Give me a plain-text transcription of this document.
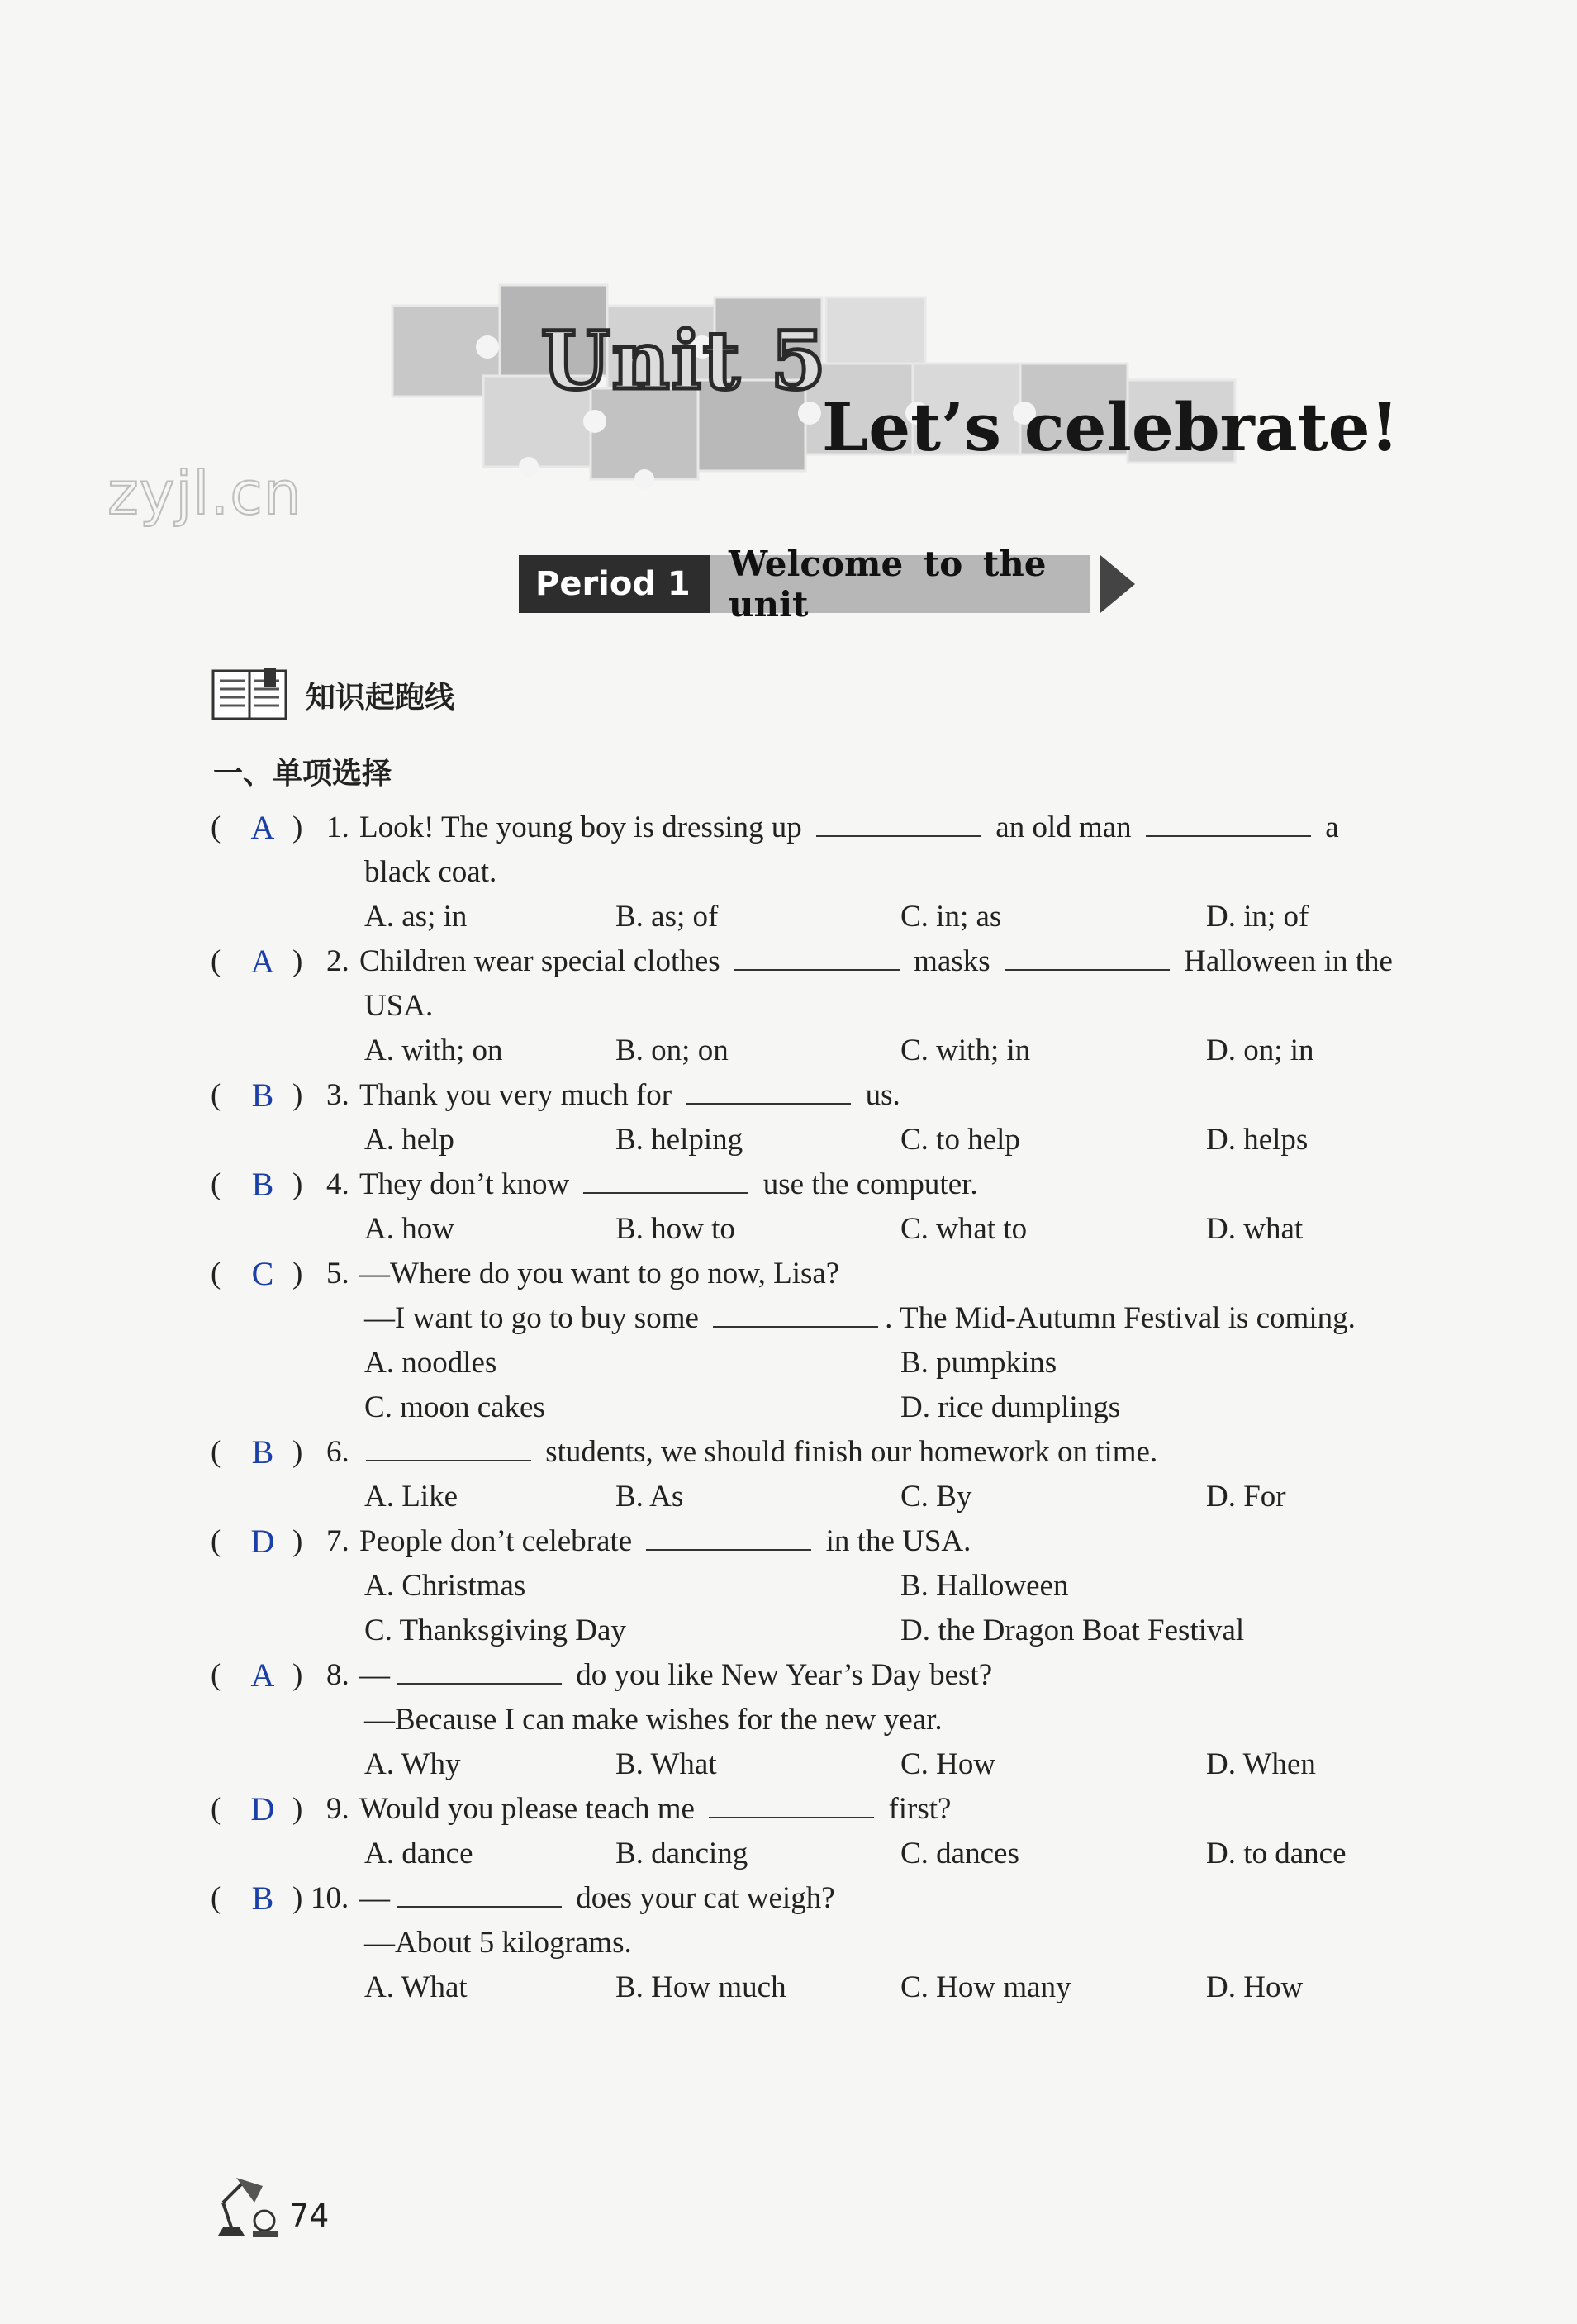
zyjl.cn
Unit 5
Let’s celebrate!
Period 1	Welcome to the unit
知识起跑线
一、单项选择
( A ) 1. Look! The young boy is dressing up	an old man	a
black coat.
A. as; in	B. as; of	C. in; as	D. in; of
( A ) 2. Children wear special clothes	masks	Halloween in the
USA.
A. with; on	B. on; on	C. with; in	D. on; in
( B ) 3. Thank you very much for	us.
A. help	B. helping	C. to help	D. helps
( B ) 4. They don’t know	use the computer.
A. how	B. how to	C. what to	D. what
( C ) 5. —Where do you want to go now, Lisa?
—I want to go to buy some	. The Mid-Autumn Festival is coming.
A. noodles	B. pumpkins
C. moon cakes	D. rice dumplings
( B ) 6.	students, we should finish our homework on time.
A. Like	B. As	C. By	D. For
( D ) 7. People don’t celebrate	in the USA.
A. Christmas	B. Halloween
C. Thanksgiving Day	D. the Dragon Boat Festival
( A ) 8. —	do you like New Year’s Day best?
—Because I can make wishes for the new year.
A. Why	B. What	C. How	D. When
( D ) 9. Would you please teach me	first?
A. dance	B. dancing	C. dances	D. to dance
( B ) 10. —	does your cat weigh?
—About 5 kilograms.
A. What	B. How much	C. How many	D. How
74
